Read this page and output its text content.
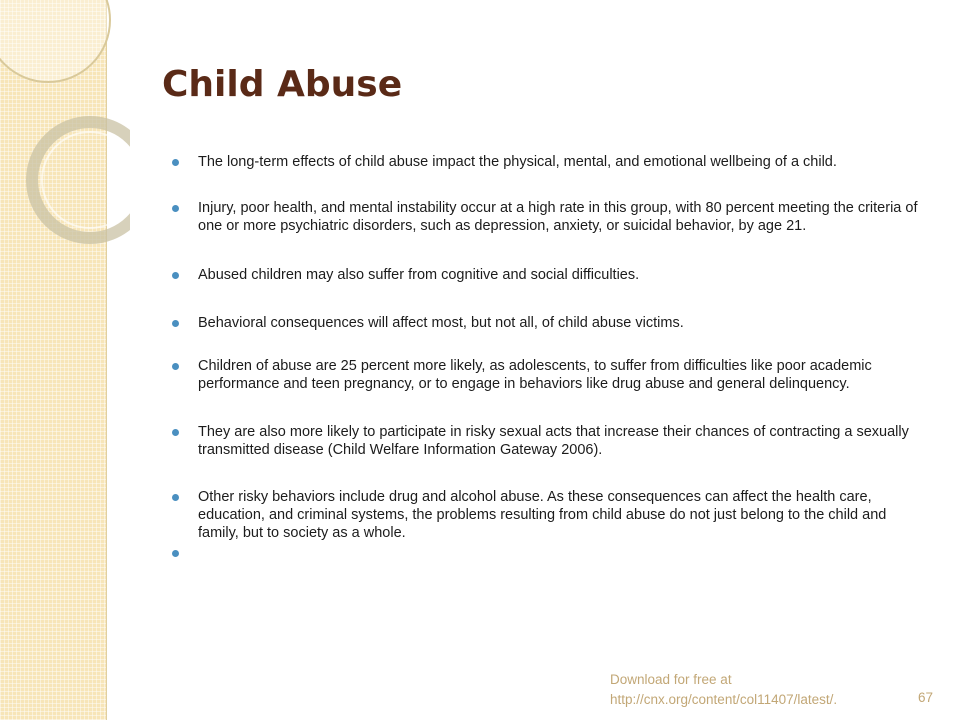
Child Abuse
The long-term effects of child abuse impact the physical, mental, and emotional wellbeing of a child.
Injury, poor health, and mental instability occur at a high rate in this group, with 80 percent meeting the criteria of one or more psychiatric disorders, such as depression, anxiety, or suicidal behavior, by age 21.
Abused children may also suffer from cognitive and social difficulties.
Behavioral consequences will affect most, but not all, of child abuse victims.
Children of abuse are 25 percent more likely, as adolescents, to suffer from difficulties like poor academic performance and teen pregnancy, or to engage in behaviors like drug abuse and general delinquency.
They are also more likely to participate in risky sexual acts that increase their chances of contracting a sexually transmitted disease (Child Welfare Information Gateway 2006).
Other risky behaviors include drug and alcohol abuse. As these consequences can affect the health care, education, and criminal systems, the problems resulting from child abuse do not just belong to the child and family, but to society as a whole.
Download for free at
http://cnx.org/content/col11407/latest/.	67
